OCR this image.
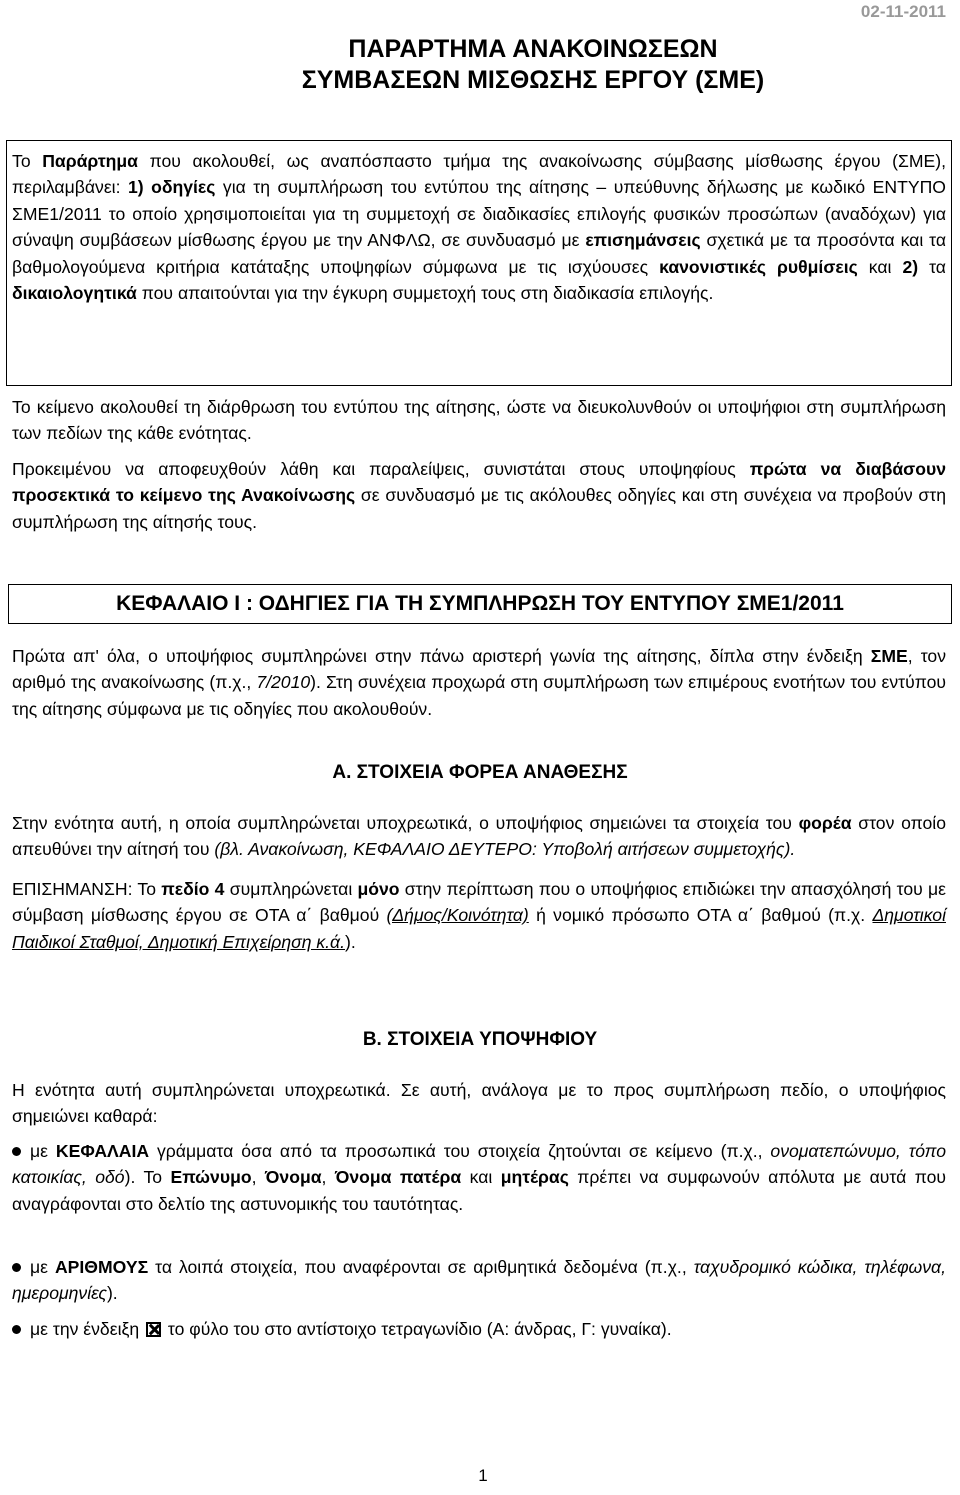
02-11-2011
ΠΑΡΑΡΤΗΜΑ ΑΝΑΚΟΙΝΩΣΕΩΝ
ΣΥΜΒΑΣΕΩΝ ΜΙΣΘΩΣΗΣ ΕΡΓΟΥ (ΣΜΕ)
Το Παράρτημα που ακολουθεί, ως αναπόσπαστο τμήμα της ανακοίνωσης σύμβασης μίσθωσης έργου (ΣΜΕ), περιλαμβάνει: 1) οδηγίες για τη συμπλήρωση του εντύπου της αίτησης – υπεύθυνης δήλωσης με κωδικό ΕΝΤΥΠΟ ΣΜΕ1/2011 το οποίο χρησιμοποιείται για τη συμμετοχή σε διαδικασίες επιλογής φυσικών προσώπων (αναδόχων) για σύναψη συμβάσεων μίσθωσης έργου με την ΑΝΦΛΩ, σε συνδυασμό με επισημάνσεις σχετικά με τα προσόντα και τα βαθμολογούμενα κριτήρια κατάταξης υποψηφίων σύμφωνα με τις ισχύουσες κανονιστικές ρυθμίσεις και 2) τα δικαιολογητικά που απαιτούνται για την έγκυρη συμμετοχή τους στη διαδικασία επιλογής.
Το κείμενο ακολουθεί τη διάρθρωση του εντύπου της αίτησης, ώστε να διευκολυνθούν οι υποψήφιοι στη συμπλήρωση των πεδίων της κάθε ενότητας.
Προκειμένου να αποφευχθούν λάθη και παραλείψεις, συνιστάται στους υποψηφίους πρώτα να διαβάσουν προσεκτικά το κείμενο της Ανακοίνωσης σε συνδυασμό με τις ακόλουθες οδηγίες και στη συνέχεια να προβούν στη συμπλήρωση της αίτησής τους.
ΚΕΦΑΛΑΙΟ Ι : ΟΔΗΓΙΕΣ ΓΙΑ ΤΗ ΣΥΜΠΛΗΡΩΣΗ ΤΟΥ ΕΝΤΥΠΟΥ ΣΜΕ1/2011
Πρώτα απ' όλα, ο υποψήφιος συμπληρώνει στην πάνω αριστερή γωνία της αίτησης, δίπλα στην ένδειξη ΣΜΕ, τον αριθμό της ανακοίνωσης (π.χ., 7/2010). Στη συνέχεια προχωρά στη συμπλήρωση των επιμέρους ενοτήτων του εντύπου της αίτησης σύμφωνα με τις οδηγίες που ακολουθούν.
Α. ΣΤΟΙΧΕΙΑ ΦΟΡΕΑ ΑΝΑΘΕΣΗΣ
Στην ενότητα αυτή, η οποία συμπληρώνεται υποχρεωτικά, ο υποψήφιος σημειώνει τα στοιχεία του φορέα στον οποίο απευθύνει την αίτησή του (βλ. Ανακοίνωση, ΚΕΦΑΛΑΙΟ ΔΕΥΤΕΡΟ: Υποβολή αιτήσεων συμμετοχής).
ΕΠΙΣΗΜΑΝΣΗ: Το πεδίο 4 συμπληρώνεται μόνο στην περίπτωση που ο υποψήφιος επιδιώκει την απασχόλησή του με σύμβαση μίσθωσης έργου σε ΟΤΑ α΄ βαθμού (Δήμος/Κοινότητα) ή νομικό πρόσωπο ΟΤΑ α΄ βαθμού (π.χ. Δημοτικοί Παιδικοί Σταθμοί, Δημοτική Επιχείρηση κ.ά.).
Β. ΣΤΟΙΧΕΙΑ ΥΠΟΨΗΦΙΟΥ
Η ενότητα αυτή συμπληρώνεται υποχρεωτικά. Σε αυτή, ανάλογα με το προς συμπλήρωση πεδίο, ο υποψήφιος σημειώνει καθαρά:
με ΚΕΦΑΛΑΙΑ γράμματα όσα από τα προσωπικά του στοιχεία ζητούνται σε κείμενο (π.χ., ονοματεπώνυμο, τόπο κατοικίας, οδό). Το Επώνυμο, Όνομα, Όνομα πατέρα και μητέρας πρέπει να συμφωνούν απόλυτα με αυτά που αναγράφονται στο δελτίο της αστυνομικής του ταυτότητας.
με ΑΡΙΘΜΟΥΣ τα λοιπά στοιχεία, που αναφέρονται σε αριθμητικά δεδομένα (π.χ., ταχυδρομικό κώδικα, τηλέφωνα, ημερομηνίες).
με την ένδειξη  το φύλο του στο αντίστοιχο τετραγωνίδιο (Α: άνδρας, Γ: γυναίκα).
1
